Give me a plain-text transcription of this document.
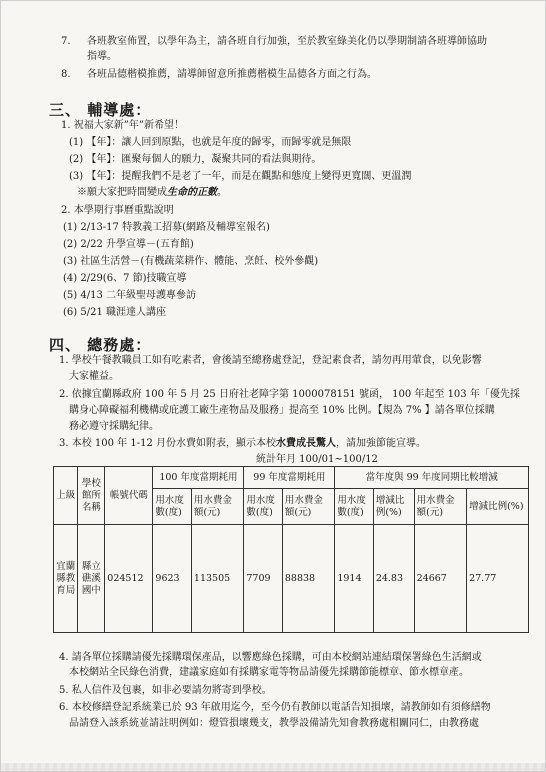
7. 各班教室佈置，以學年為主，請各班自行加強，至於教室綠美化仍以學期制請各班導師協助
指導。
8. 各班品德楷模推薦，請導師留意所推薦楷模生品德各方面之行為。
三、 輔導處：
1. 祝福大家新”年”新希望！
(1) 【年】：讓人回到原點，也就是年度的歸零，而歸零就是無限
(2) 【年】：匯聚每個人的願力，凝聚共同的看法與期待。
(3) 【年】：提醒我們不是老了一年，而是在觀點和態度上變得更寬闊、更溫潤
※願大家把時間變成生命的正數。
2. 本學期行事曆重點說明
(1) 2/13-17 特教義工招募(網路及輔導室報名)
(2) 2/22 升學宣導－(五育館)
(3) 社區生活營－(有機蔬菜耕作、體能、烹飪、校外參觀)
(4) 2/29(6、7 節)技職宣導
(5) 4/13 二年級聖母護專參訪
(6) 5/21 職涯達人講座
四、 總務處：
1. 學校午餐教職員工如有吃素者，會後請至總務處登記，登記素食者，請勿再用葷食，以免影響
大家權益。
2. 依據宜蘭縣政府 100 年 5 月 25 日府社老障字第 1000078151 號函， 100 年起至 103 年「優先採
購身心障礙福利機構或庇護工廠生產物品及服務」提高至 10% 比例。【規為 7% 】請各單位採購
務必遵守採購紀律。
3. 本校 100 年 1-12 月份水費如附表，顯示本校水費成長驚人，請加強節能宣導。
統計年月 100/01~100/12
上級	學校館所名稱	帳號代碼	100 年度當期耗用		99 年度當期耗用		當年度與 99 年度同期比較增減			
			用水度數(度)	用水費金額(元)	用水度數(度)	用水費金額(元)	用水度數(度)	增減比例(%)	用水費金額(元)	增減比例(%)
宜蘭縣教育局	縣立礁溪國中	024512	9623	113505	7709	88838	1914	24.83	24667	27.77
4. 請各單位採購請優先採購環保產品，以響應綠色採購，可由本校網站連結環保署綠色生活網或
本校網站全民綠色消費，建議家庭如有採購家電等物品請優先採購節能標章、節水標章產。
5. 私人信件及包裹，如非必要請勿將寄到學校。
6. 本校修繕登記系統業已於 93 年啟用迄今，至今仍有教師以電話告知損壞，請教師如有須修繕物
品請登入該系統並請註明例如：燈管損壞幾支，教學設備請先知會教務處相關同仁，由教務處
